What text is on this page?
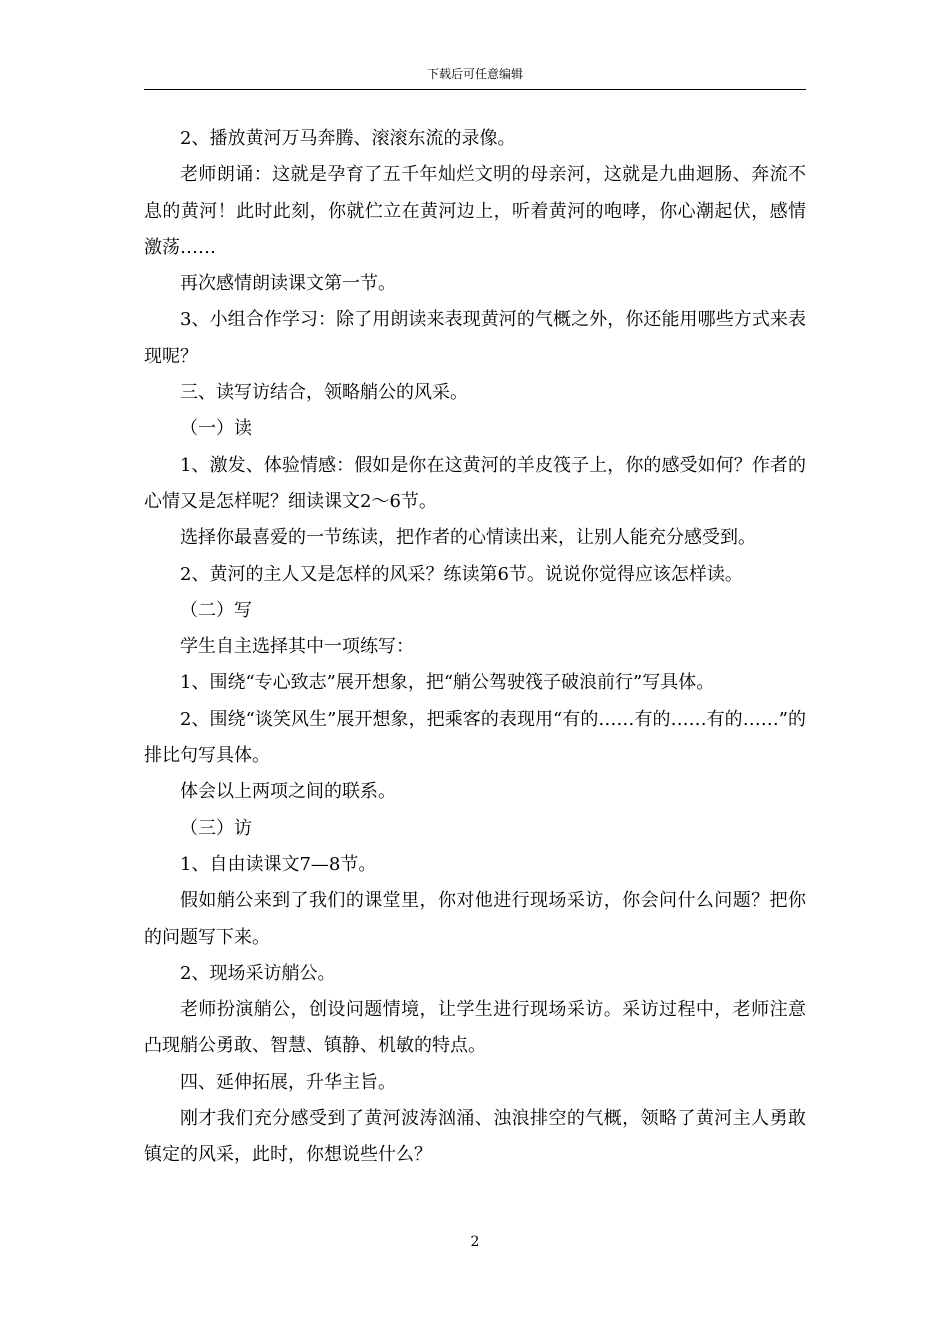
下载后可任意编辑

2、播放黄河万马奔腾、滚滚东流的录像。

老师朗诵：这就是孕育了五千年灿烂文明的母亲河，这就是九曲迴肠、奔流不息的黄河！此时此刻，你就伫立在黄河边上，听着黄河的咆哮，你心潮起伏，感情激荡……

再次感情朗读课文第一节。

3、小组合作学习：除了用朗读来表现黄河的气概之外，你还能用哪些方式来表现呢？

三、读写访结合，领略艄公的风采。

（一）读

1、激发、体验情感：假如是你在这黄河的羊皮筏子上，你的感受如何？作者的心情又是怎样呢？细读课文2～6节。

选择你最喜爱的一节练读，把作者的心情读出来，让别人能充分感受到。

2、黄河的主人又是怎样的风采？练读第6节。说说你觉得应该怎样读。

（二）写

学生自主选择其中一项练写：

1、围绕“专心致志”展开想象，把“艄公驾驶筏子破浪前行”写具体。

2、围绕“谈笑风生”展开想象，把乘客的表现用“有的……有的……有的……”的排比句写具体。

体会以上两项之间的联系。

（三）访

1、自由读课文7—8节。

假如艄公来到了我们的课堂里，你对他进行现场采访，你会问什么问题？把你的问题写下来。

2、现场采访艄公。

老师扮演艄公，创设问题情境，让学生进行现场采访。采访过程中，老师注意凸现艄公勇敢、智慧、镇静、机敏的特点。

四、延伸拓展，升华主旨。

刚才我们充分感受到了黄河波涛汹涌、浊浪排空的气概，领略了黄河主人勇敢镇定的风采，此时，你想说些什么？

2
